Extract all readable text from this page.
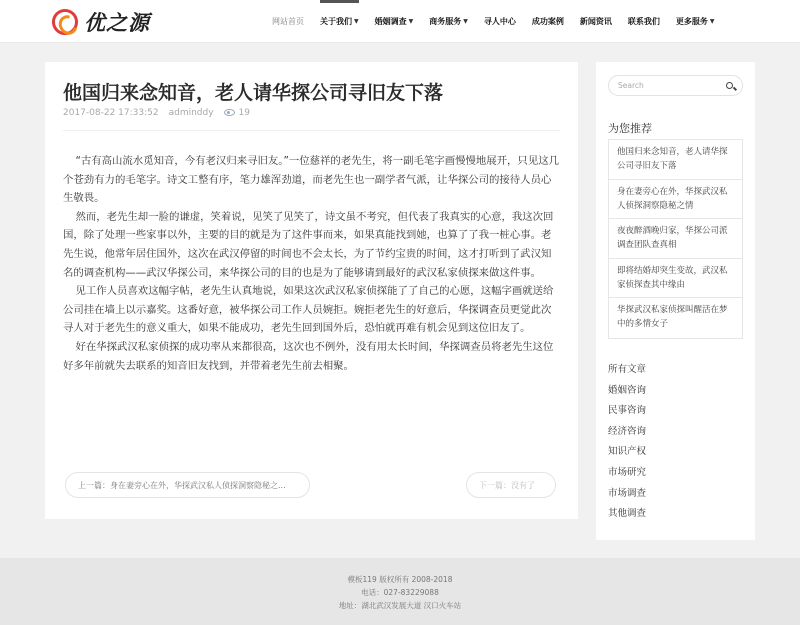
优之源	网站首页 关于我们 ▼ 婚姻调查 ▼ 商务服务 ▼ 寻人中心 成功案例 新闻资讯 联系我们 更多服务 ▼
他国归来念知音，老人请华探公司寻旧友下落
2017-08-22 17:33:52 adminddy	19

“古有高山流水觅知音，今有老汉归来寻旧友。”一位慈祥的老先生，将一副毛笔字画慢慢地展开，只见这几个苍劲有力的毛笔字。诗文工整有序，笔力雄浑劲道，而老先生也一副学者气派，让华探公司的接待人员心生敬畏。

然而，老先生却一脸的谦虚，笑着说，见笑了见笑了，诗文虽不考究，但代表了我真实的心意，我这次回国，除了处理一些家事以外，主要的目的就是为了这件事而来，如果真能找到她，也算了了我一桩心事。老先生说，他常年居住国外，这次在武汉停留的时间也不会太长，为了节约宝贵的时间，这才打听到了武汉知名的调查机构——武汉华探公司，来华探公司的目的也是为了能够请到最好的武汉私家侦探来做这件事。

见工作人员喜欢这幅字帖，老先生认真地说，如果这次武汉私家侦探能了了自己的心愿，这幅字画就送给公司挂在墙上以示嘉奖。这番好意，被华探公司工作人员婉拒。婉拒老先生的好意后，华探调查员更觉此次寻人对于老先生的意义重大，如果不能成功，老先生回到国外后，恐怕就再难有机会见到这位旧友了。

好在华探武汉私家侦探的成功率从来都很高，这次也不例外，没有用太长时间，华探调查员将老先生这位好多年前就失去联系的知音旧友找到，并带着老先生前去相聚。

上一篇：身在妻旁心在外，华探武汉私人侦探洞察隐秘之...	下一篇：没有了
Search
为您推荐
他国归来念知音，老人请华探公司寻旧友下落
身在妻旁心在外，华探武汉私人侦探洞察隐秘之情
夜夜醉酒晚归家，华探公司派调查团队查真相
即将结婚却突生变故，武汉私家侦探查其中缘由
华探武汉私家侦探叫醒活在梦中的多情女子
所有文章
婚姻咨询
民事咨询
经济咨询
知识产权
市场研究
市场调查
其他调查
模板119 版权所有 2008-2018
电话：027-83229088
地址：湖北武汉发展大道 汉口火车站
